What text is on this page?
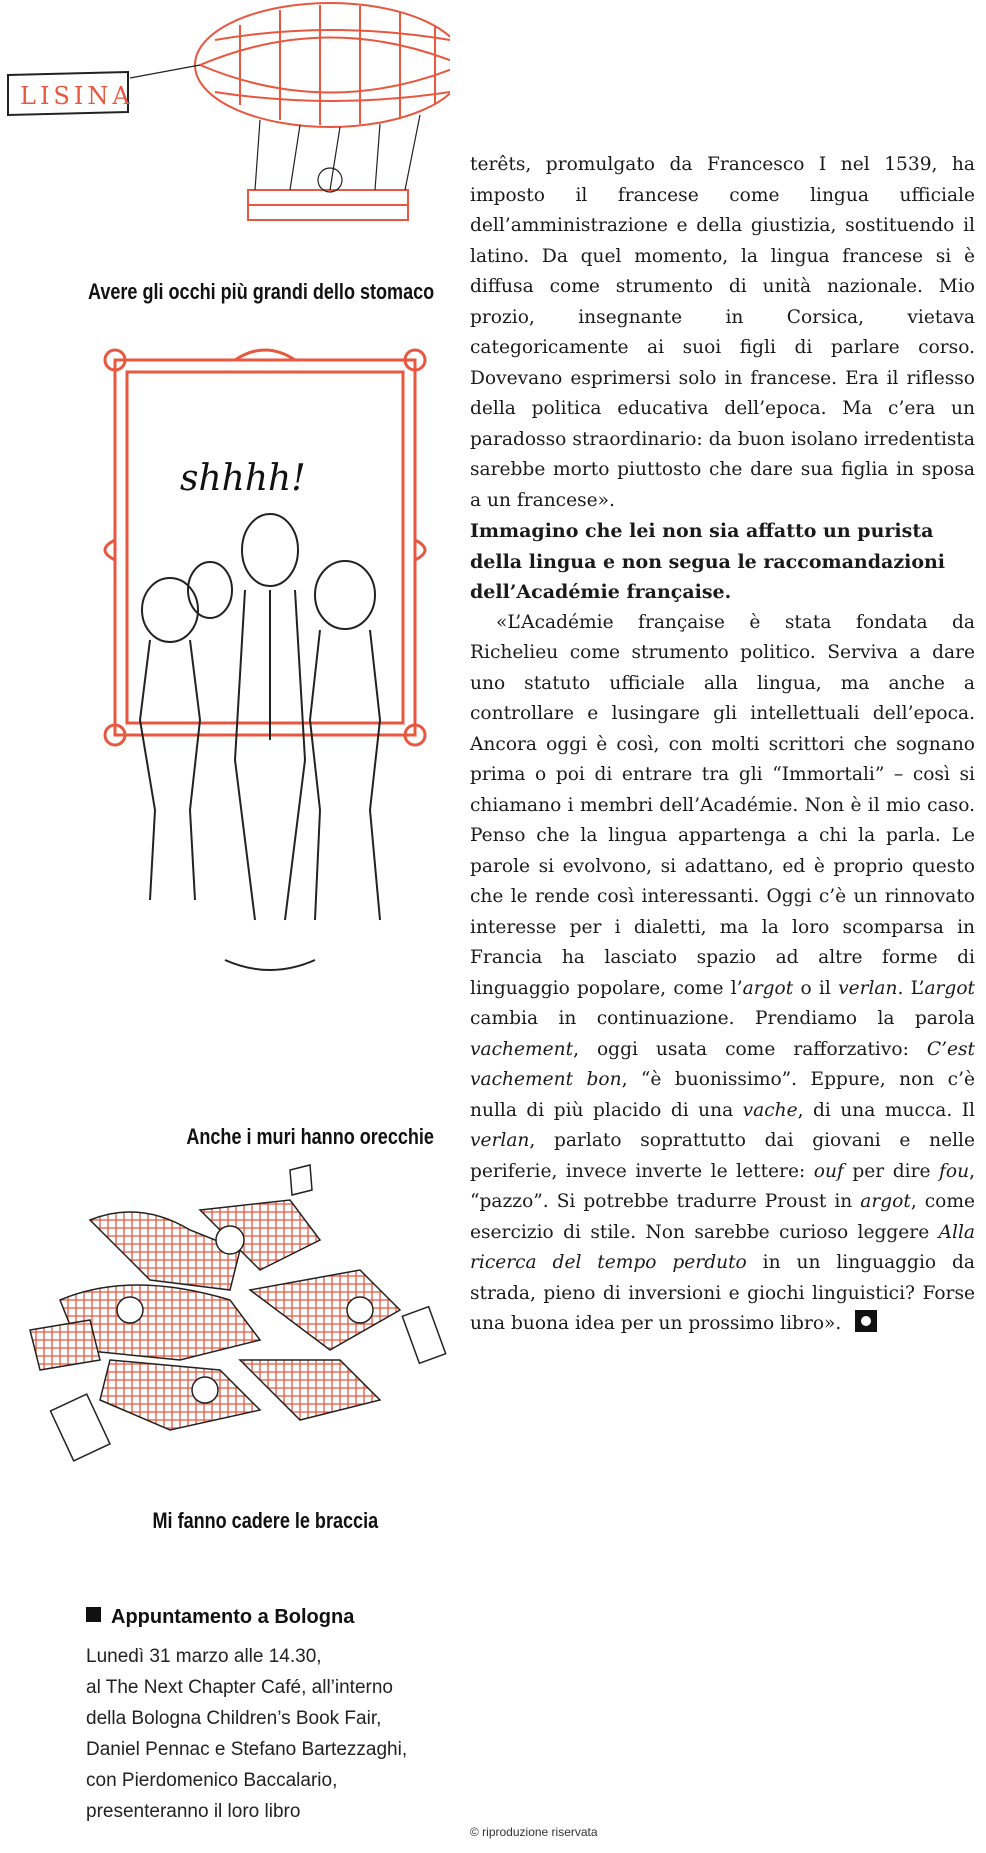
LISINA
Avere gli occhi più grandi dello stomaco
shhhh!
Anche i muri hanno orecchie
Mi fanno cadere le braccia
Appuntamento a Bologna
Lunedì 31 marzo alle 14.30,
al The Next Chapter Café, all’interno
della Bologna Children’s Book Fair,
Daniel Pennac e Stefano Bartezzaghi,
con Pierdomenico Baccalario,
presenteranno il loro libro

terêts, promulgato da Francesco I nel 1539, ha imposto il francese come lingua ufficiale dell’amministrazione e della giustizia, sostituendo il latino. Da quel momento, la lingua francese si è diffusa come strumento di unità nazionale. Mio prozio, insegnante in Corsica, vietava categoricamente ai suoi figli di parlare corso. Dovevano esprimersi solo in francese. Era il riflesso della politica educativa dell’epoca. Ma c’era un paradosso straordinario: da buon isolano irredentista sarebbe morto piuttosto che dare sua figlia in sposa a un francese».

Immagino che lei non sia affatto un purista della lingua e non segua le raccomandazioni dell’Académie française.

«L’Académie française è stata fondata da Richelieu come strumento politico. Serviva a dare uno statuto ufficiale alla lingua, ma anche a controllare e lusingare gli intellettuali dell’epoca. Ancora oggi è così, con molti scrittori che sognano prima o poi di entrare tra gli “Immortali” – così si chiamano i membri dell’Académie. Non è il mio caso. Penso che la lingua appartenga a chi la parla. Le parole si evolvono, si adattano, ed è proprio questo che le rende così interessanti. Oggi c’è un rinnovato interesse per i dialetti, ma la loro scomparsa in Francia ha lasciato spazio ad altre forme di linguaggio popolare, come l’argot o il verlan. L’argot cambia in continuazione. Prendiamo la parola vachement, oggi usata come rafforzativo: C’est vachement bon, “è buonissimo”. Eppure, non c’è nulla di più placido di una vache, di una mucca. Il verlan, parlato soprattutto dai giovani e nelle periferie, invece inverte le lettere: ouf per dire fou, “pazzo”. Si potrebbe tradurre Proust in argot, come esercizio di stile. Non sarebbe curioso leggere Alla ricerca del tempo perduto in un linguaggio da strada, pieno di inversioni e giochi linguistici? Forse una buona idea per un prossimo libro».

© riproduzione riservata
